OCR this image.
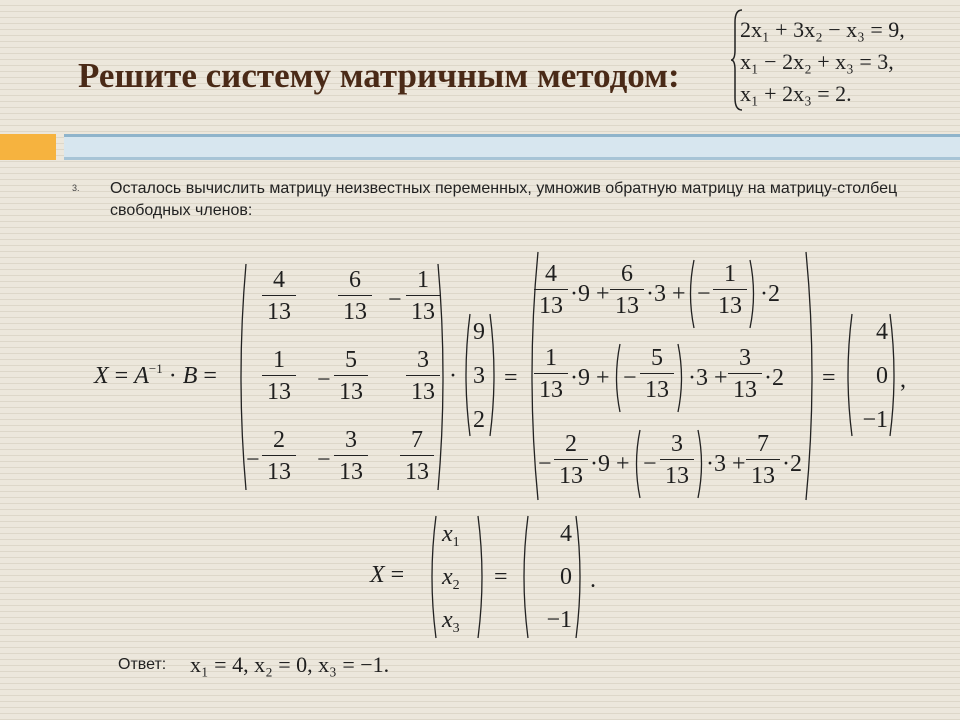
Решите систему матричным методом:
2x₁ + 3x₂ − x₃ = 9,
x₁ − 2x₂ + x₃ = 3,
x₁ + 2x₃ = 2.
3. Осталось вычислить матрицу неизвестных переменных, умножив обратную матрицу на матрицу-столбец свободных членов:
$X = A^{-1} \cdot B$ =
4
13
6
13 −
1
13
1
13 −
5
13
3
13
−
2
13 −
3
13
7
13
·
9
3
2
=
4
13 ·9 +
6
13 ·3 + −
1
13 ·2
1
13 ·9 + −
5
13 ·3 +
3
13 ·2
−
2
13 ·9 + −
3
13 ·3 +
7
13 ·2
=
4
0
−1
,
X =
$x_1$
$x_2$
$x_3$
=
4
0
−1
.
Ответ: x₁ = 4, x₂ = 0, x₃ = −1.
